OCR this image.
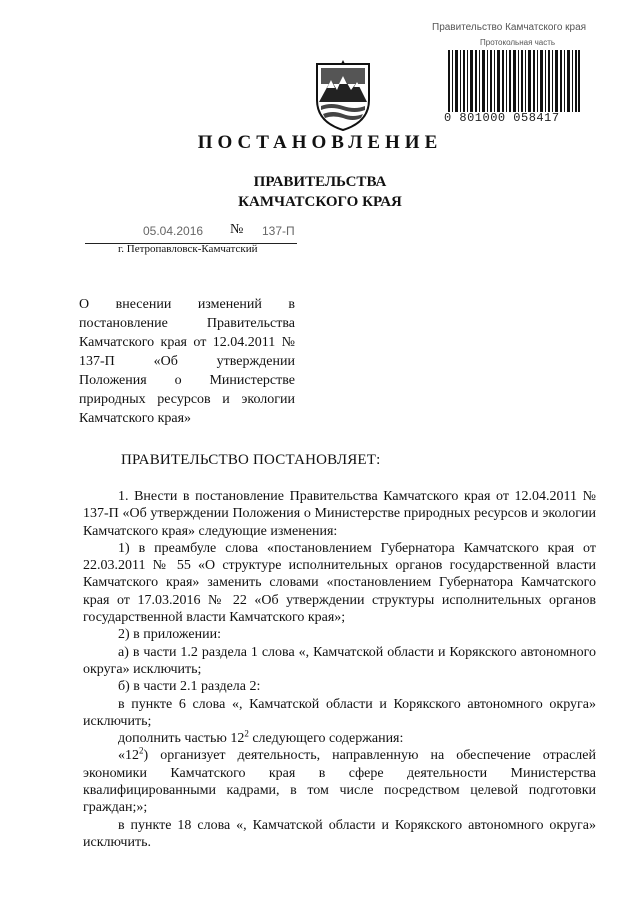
Правительство Камчатского края
Протокольная часть
0 801000 058417
ПОСТАНОВЛЕНИЕ
ПРАВИТЕЛЬСТВА
КАМЧАТСКОГО КРАЯ
05.04.2016 № 137-П
г. Петропавловск-Камчатский
О внесении изменений в постановление Правительства Камчатского края от 12.04.2011 № 137-П «Об утверждении Положения о Министерстве природных ресурсов и экологии Камчатского края»
ПРАВИТЕЛЬСТВО ПОСТАНОВЛЯЕТ:

1. Внести в постановление Правительства Камчатского края от 12.04.2011 № 137-П «Об утверждении Положения о Министерстве природных ресурсов и экологии Камчатского края» следующие изменения:

1) в преамбуле слова «постановлением Губернатора Камчатского края от 22.03.2011 № 55 «О структуре исполнительных органов государственной власти Камчатского края» заменить словами «постановлением Губернатора Камчатского края от 17.03.2016 № 22 «Об утверждении структуры исполнительных органов государственной власти Камчатского края»;

2) в приложении:

а) в части 1.2 раздела 1 слова «, Камчатской области и Корякского автономного округа» исключить;

б) в части 2.1 раздела 2:

в пункте 6 слова «, Камчатской области и Корякского автономного округа» исключить;

дополнить частью $12^2$ следующего содержания:

«$12^2$) организует деятельность, направленную на обеспечение отраслей экономики Камчатского края в сфере деятельности Министерства квалифицированными кадрами, в том числе посредством целевой подготовки граждан;»;

в пункте 18 слова «, Камчатской области и Корякского автономного округа» исключить.
